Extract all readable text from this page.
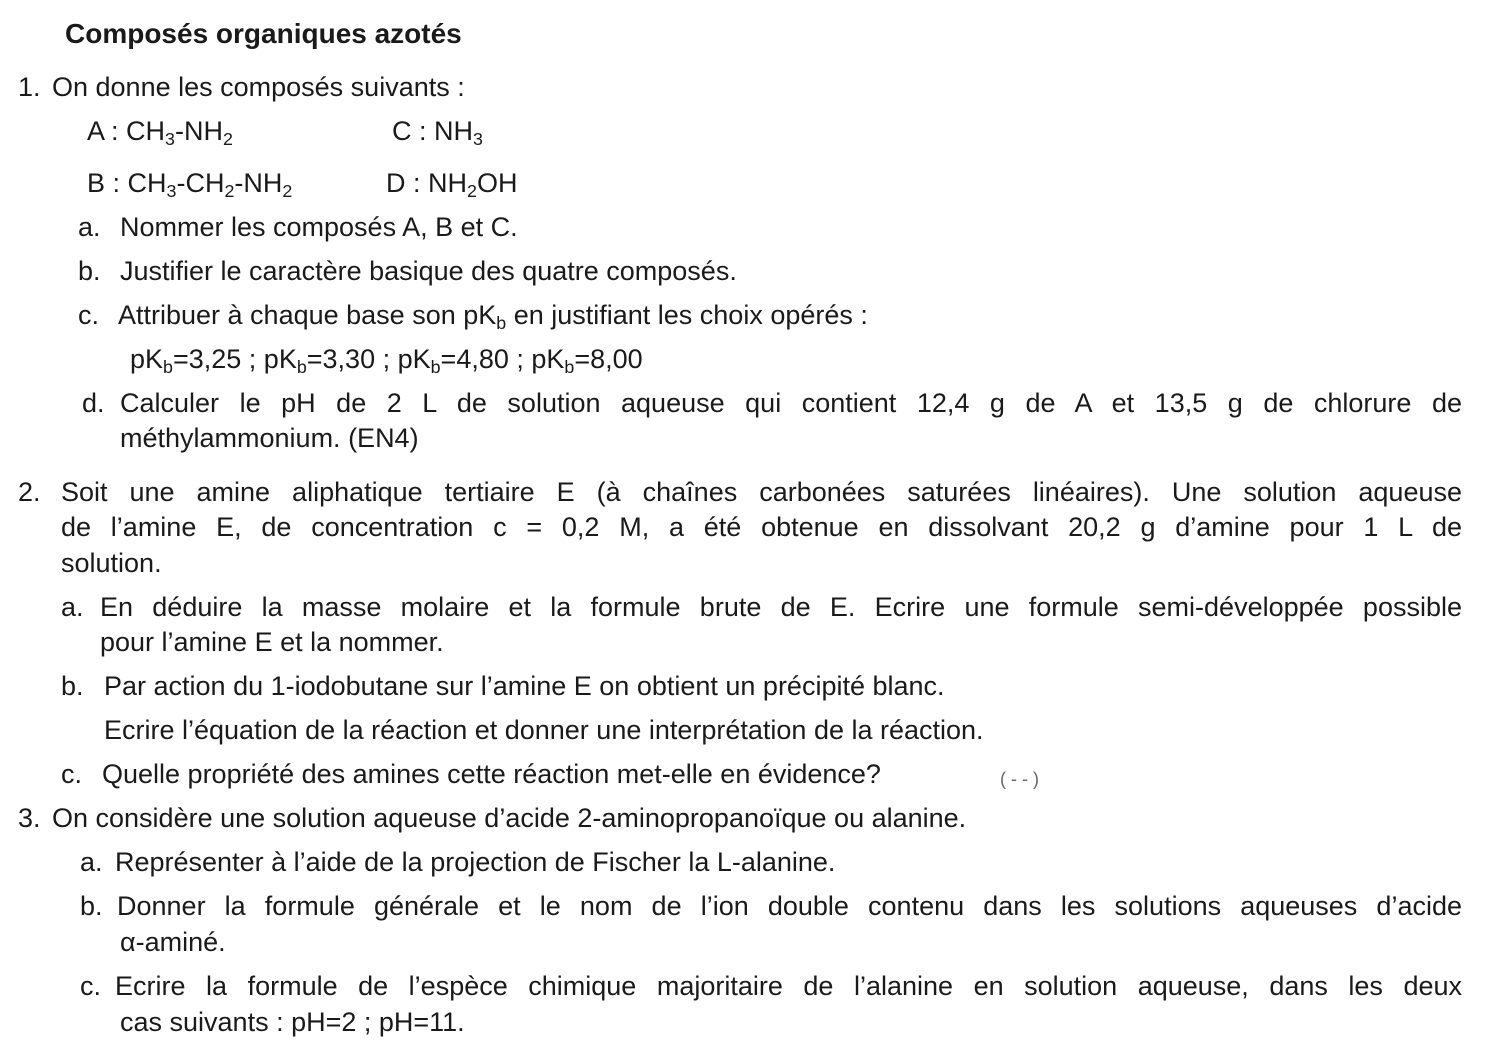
Composés organiques azotés
1. On donne les composés suivants :
A : $CH_3-NH_2$	C : $NH_3$
B : $CH_3-CH_2-NH_2$	D : $NH_2OH$
a. Nommer les composés A, B et C.
b. Justifier le caractère basique des quatre composés.
c. Attribuer à chaque base son $pK_b$ en justifiant les choix opérés :
$pK_b=3,25$ ; $pK_b=3,30$ ; $pK_b=4,80$ ; $pK_b=8,00$
d. Calculer le pH de 2 L de solution aqueuse qui contient 12,4 g de A et 13,5 g de chlorure de
méthylammonium. (EN4)
2. Soit une amine aliphatique tertiaire E (à chaînes carbonées saturées linéaires). Une solution aqueuse
de l’amine E, de concentration c = 0,2 M, a été obtenue en dissolvant 20,2 g d’amine pour 1 L de
solution.
a. En déduire la masse molaire et la formule brute de E. Ecrire une formule semi-développée possible
pour l’amine E et la nommer.
b. Par action du 1-iodobutane sur l’amine E on obtient un précipité blanc.
Ecrire l’équation de la réaction et donner une interprétation de la réaction.
c. Quelle propriété des amines cette réaction met-elle en évidence?	( - - )
3. On considère une solution aqueuse d’acide 2-aminopropanoïque ou alanine.
a. Représenter à l’aide de la projection de Fischer la L-alanine.
b. Donner la formule générale et le nom de l’ion double contenu dans les solutions aqueuses d’acide
α-aminé.
c. Ecrire la formule de l’espèce chimique majoritaire de l’alanine en solution aqueuse, dans les deux
cas suivants : pH=2 ; pH=11.
